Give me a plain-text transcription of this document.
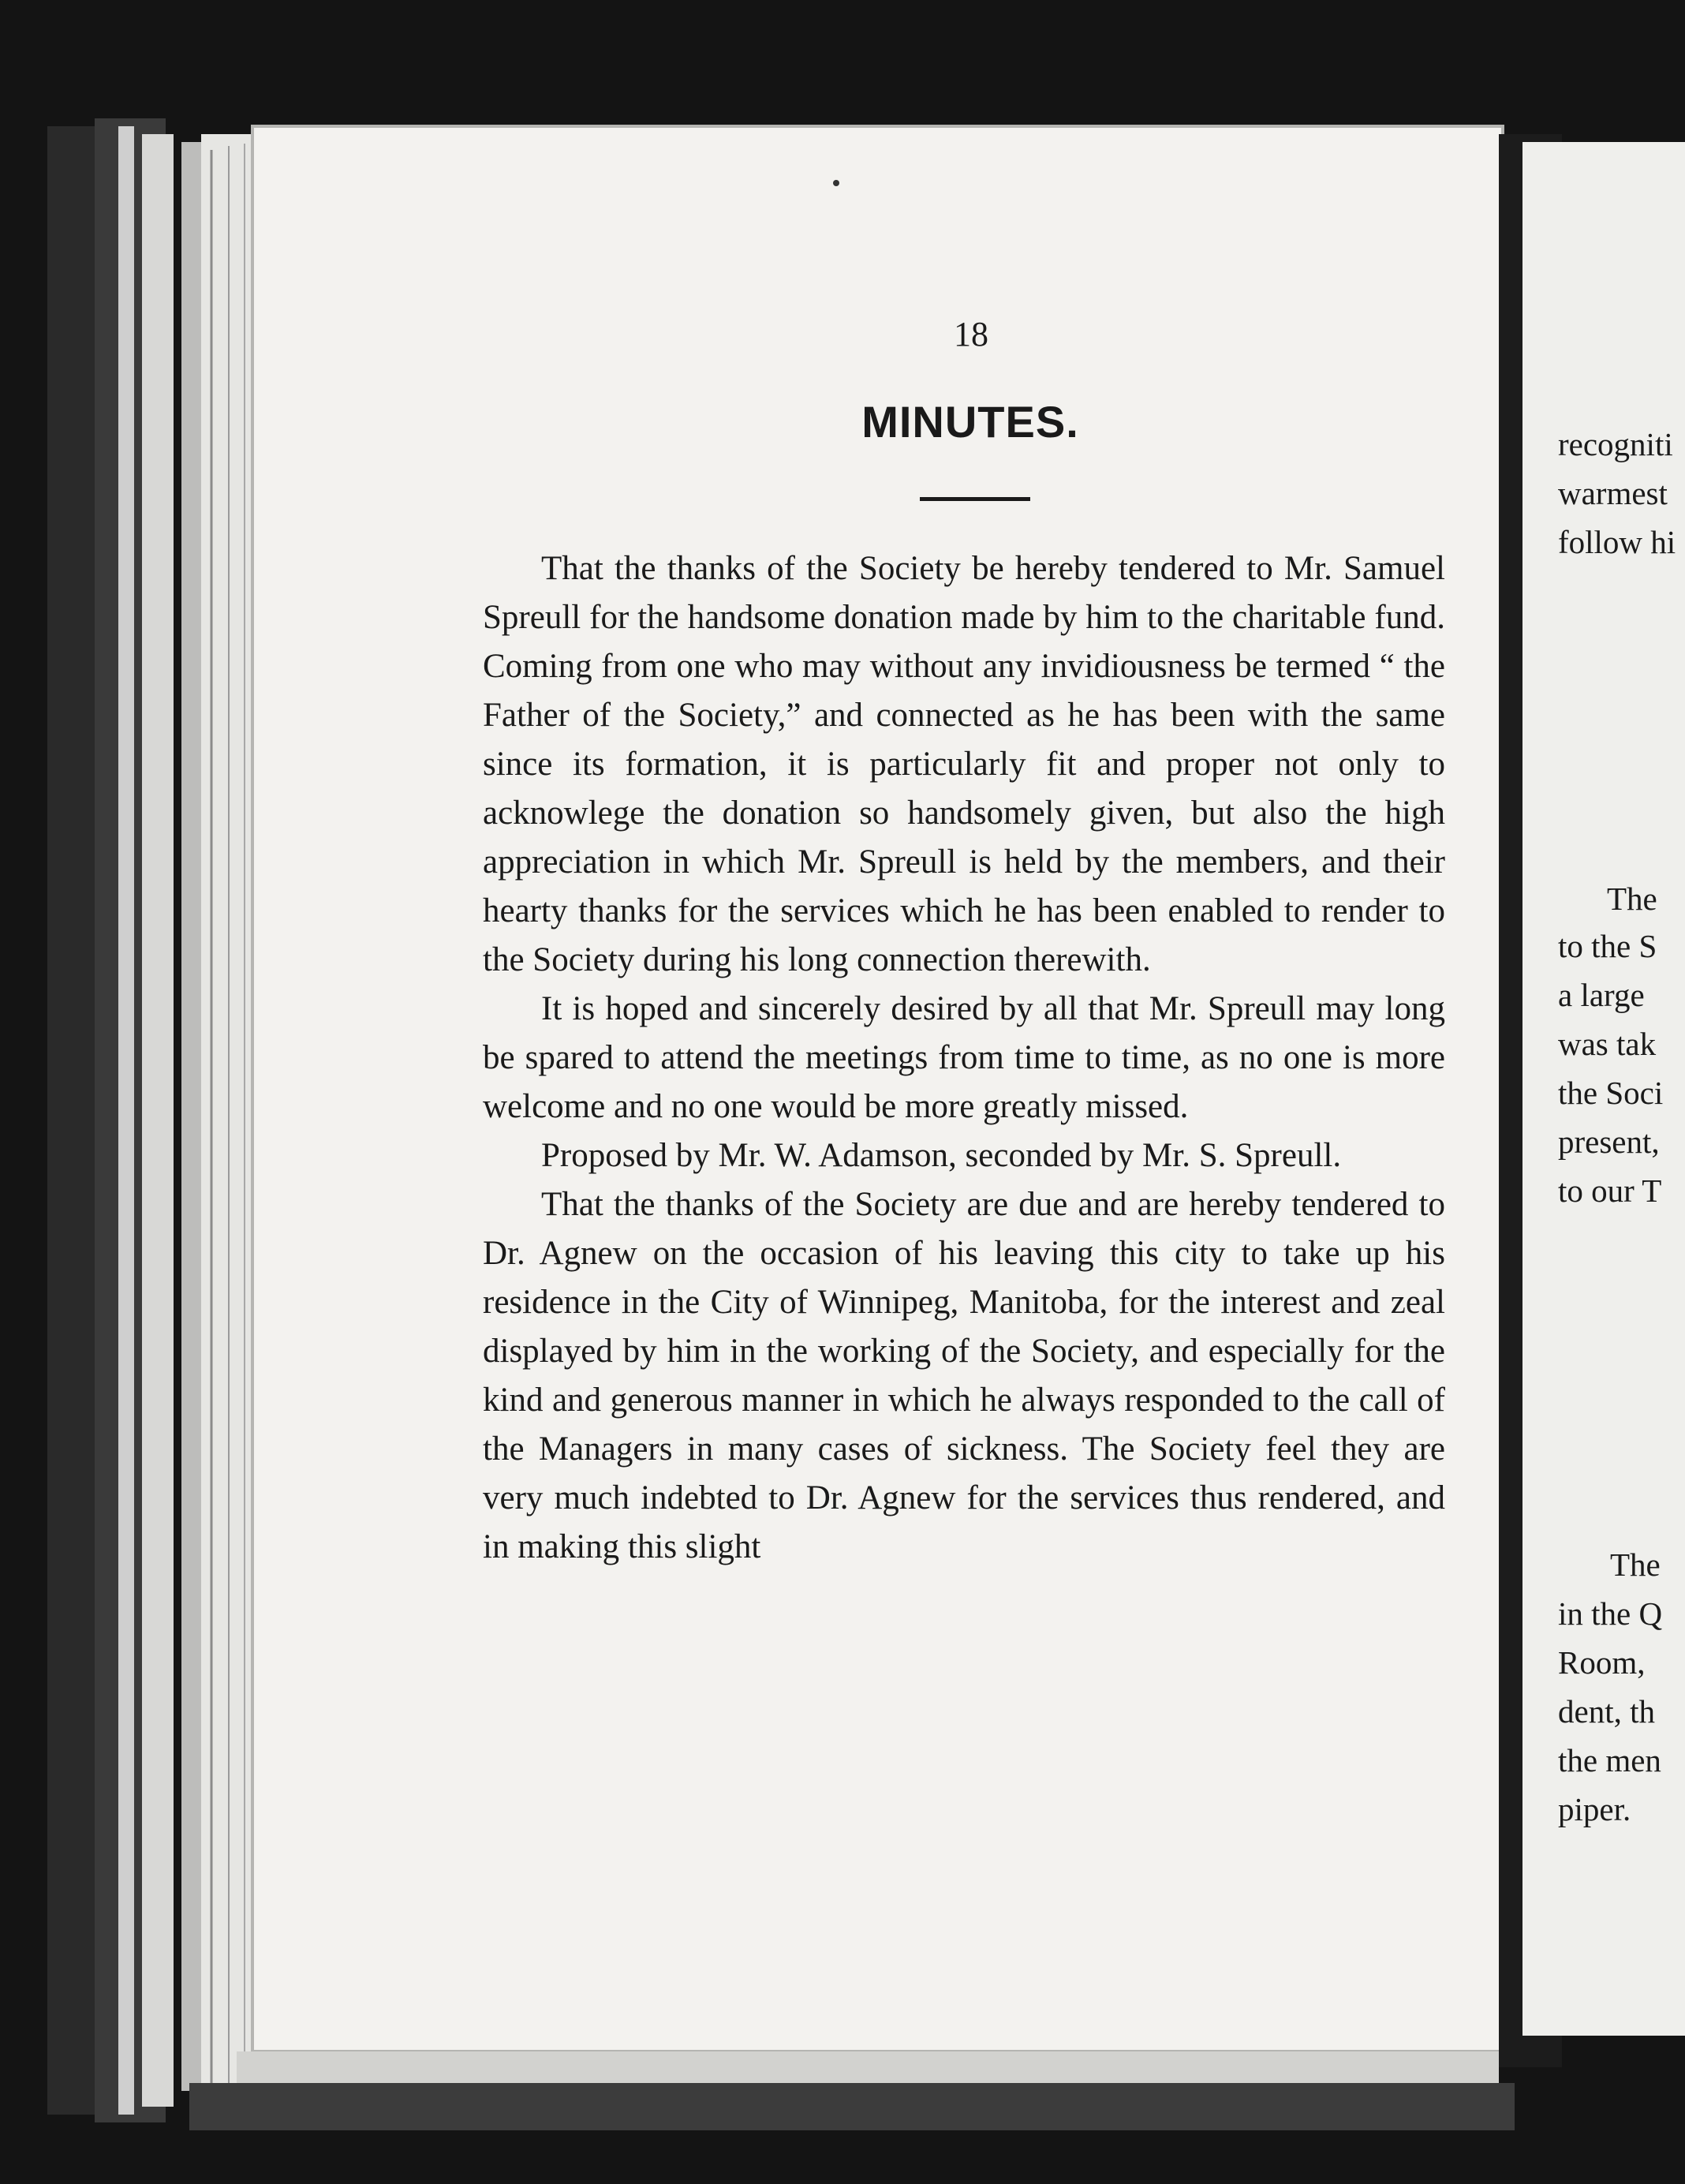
18
MINUTES.

That the thanks of the Society be hereby tendered to Mr. Samuel Spreull for the handsome donation made by him to the charitable fund. Coming from one who may without any invidiousness be termed “ the Father of the Society,” and connected as he has been with the same since its formation, it is particularly fit and proper not only to acknowlege the donation so handsomely given, but also the high appreciation in which Mr. Spreull is held by the members, and their hearty thanks for the services which he has been enabled to render to the Society during his long connection therewith.

It is hoped and sincerely desired by all that Mr. Spreull may long be spared to attend the meetings from time to time, as no one is more welcome and no one would be more greatly missed.

Proposed by Mr. W. Adamson, seconded by Mr. S. Spreull.

That the thanks of the Society are due and are hereby tendered to Dr. Agnew on the occasion of his leaving this city to take up his residence in the City of Winnipeg, Manitoba, for the interest and zeal displayed by him in the working of the Society, and especially for the kind and generous manner in which he always responded to the call of the Managers in many cases of sickness. The Society feel they are very much indebted to Dr. Agnew for the services thus rendered, and in making this slight

recogniti
warmest
follow hi
The
to the S
a large
was tak
the Soci
present,
to our T
The
in the Q
Room,
dent, th
the men
piper.
